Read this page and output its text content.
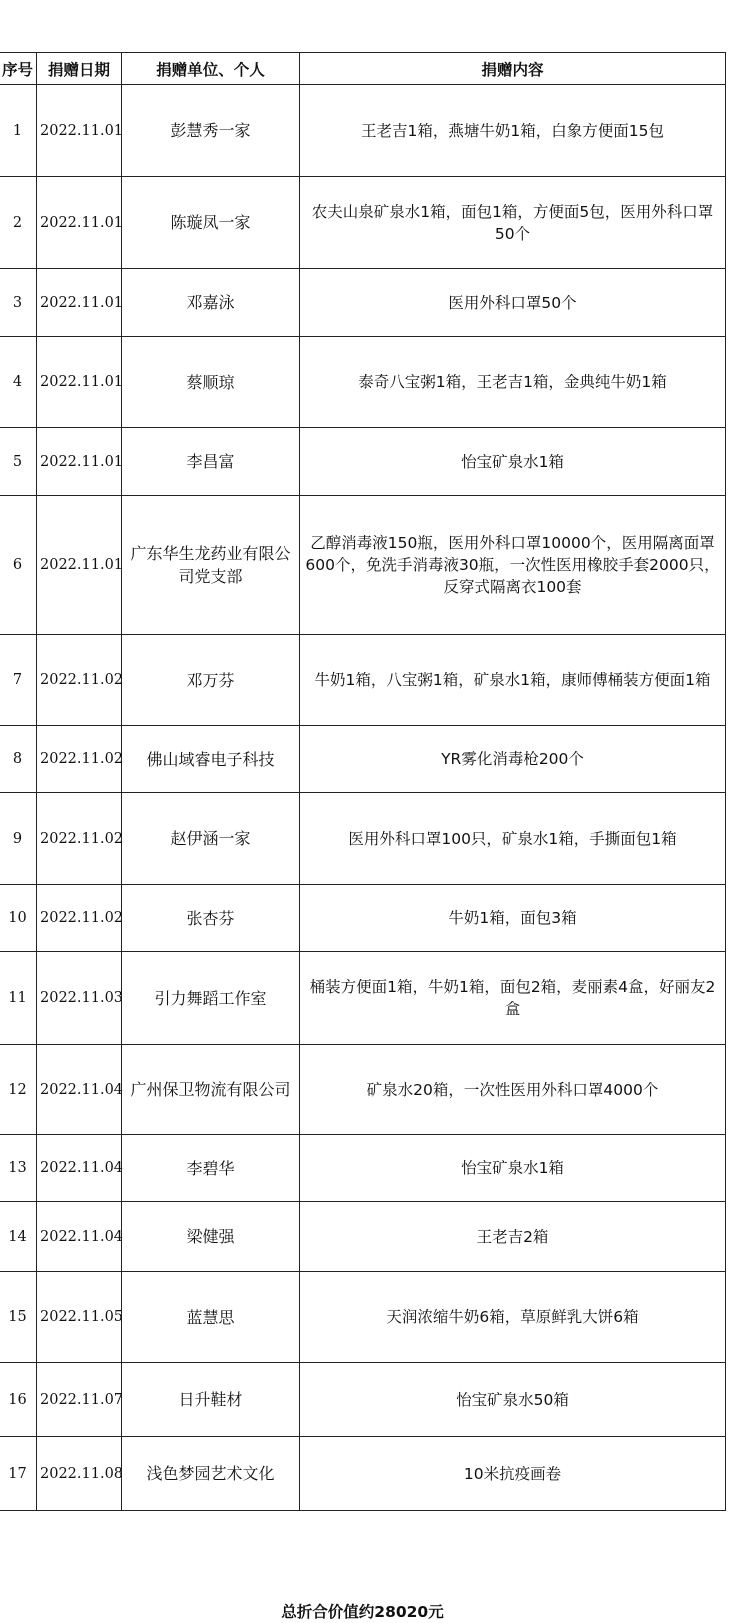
序号	捐赠日期	捐赠单位、个人	捐赠内容
1	2022.11.01	彭慧秀一家	王老吉1箱，燕塘牛奶1箱，白象方便面15包
2	2022.11.01	陈璇凤一家	农夫山泉矿泉水1箱，面包1箱，方便面5包，医用外科口罩50个
3	2022.11.01	邓嘉泳	医用外科口罩50个
4	2022.11.01	蔡顺琼	泰奇八宝粥1箱，王老吉1箱，金典纯牛奶1箱
5	2022.11.01	李昌富	怡宝矿泉水1箱
6	2022.11.01	广东华生龙药业有限公司党支部	乙醇消毒液150瓶，医用外科口罩10000个，医用隔离面罩600个，免洗手消毒液30瓶，一次性医用橡胶手套2000只，反穿式隔离衣100套
7	2022.11.02	邓万芬	牛奶1箱，八宝粥1箱，矿泉水1箱，康师傅桶装方便面1箱
8	2022.11.02	佛山域睿电子科技	YR雾化消毒枪200个
9	2022.11.02	赵伊涵一家	医用外科口罩100只，矿泉水1箱，手撕面包1箱
10	2022.11.02	张杏芬	牛奶1箱，面包3箱
11	2022.11.03	引力舞蹈工作室	桶装方便面1箱，牛奶1箱，面包2箱，麦丽素4盒，好丽友2盒
12	2022.11.04	广州保卫物流有限公司	矿泉水20箱，一次性医用外科口罩4000个
13	2022.11.04	李碧华	怡宝矿泉水1箱
14	2022.11.04	梁健强	王老吉2箱
15	2022.11.05	蓝慧思	天润浓缩牛奶6箱，草原鲜乳大饼6箱
16	2022.11.07	日升鞋材	怡宝矿泉水50箱
17	2022.11.08	浅色梦园艺术文化	10米抗疫画卷
总折合价值约28020元
